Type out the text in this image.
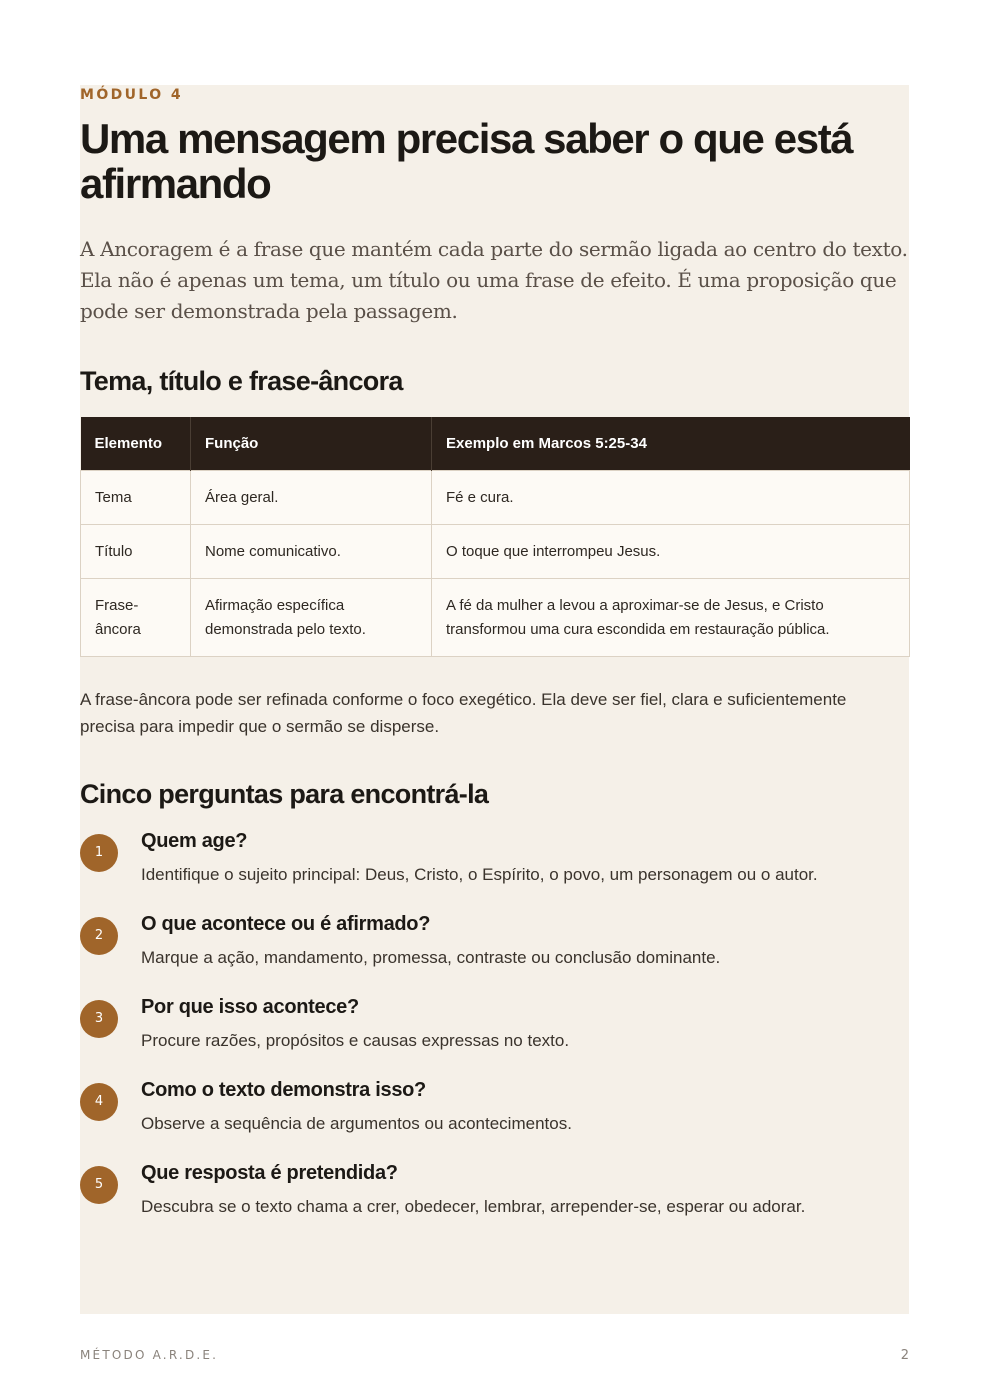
MÓDULO 4
Uma mensagem precisa saber o que está afirmando

A Ancoragem é a frase que mantém cada parte do sermão ligada ao centro do texto. Ela não é apenas um tema, um título ou uma frase de efeito. É uma proposição que pode ser demonstrada pela passagem.

Tema, título e frase-âncora
Elemento	Função	Exemplo em Marcos 5:25-34
Tema	Área geral.	Fé e cura.
Título	Nome comunicativo.	O toque que interrompeu Jesus.
Frase-âncora	Afirmação específica demonstrada pelo texto.	A fé da mulher a levou a aproximar-se de Jesus, e Cristo transformou uma cura escondida em restauração pública.

A frase-âncora pode ser refinada conforme o foco exegético. Ela deve ser fiel, clara e suficientemente precisa para impedir que o sermão se disperse.

Cinco perguntas para encontrá-la
1
Quem age?

Identifique o sujeito principal: Deus, Cristo, o Espírito, o povo, um personagem ou o autor.

2
O que acontece ou é afirmado?

Marque a ação, mandamento, promessa, contraste ou conclusão dominante.

3
Por que isso acontece?

Procure razões, propósitos e causas expressas no texto.

4
Como o texto demonstra isso?

Observe a sequência de argumentos ou acontecimentos.

5
Que resposta é pretendida?

Descubra se o texto chama a crer, obedecer, lembrar, arrepender-se, esperar ou adorar.

MÉTODO A.R.D.E.	2
